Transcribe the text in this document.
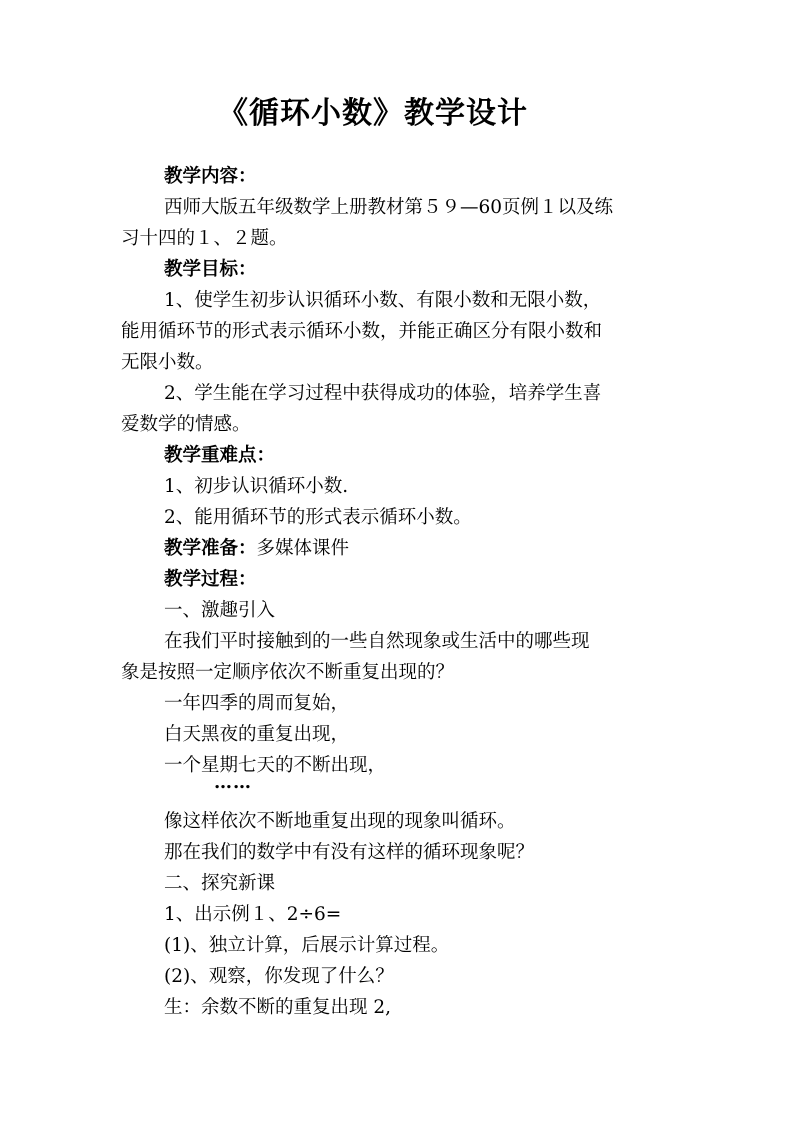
《循环小数》教学设计
教学内容：
西师大版五年级数学上册教材第５９—60页例１以及练
习十四的１、２题。
教学目标：
1、使学生初步认识循环小数、有限小数和无限小数，
能用循环节的形式表示循环小数，并能正确区分有限小数和
无限小数。
2、学生能在学习过程中获得成功的体验，培养学生喜
爱数学的情感。
教学重难点：
1、初步认识循环小数.
2、能用循环节的形式表示循环小数。
教学准备：多媒体课件
教学过程：
一、激趣引入
在我们平时接触到的一些自然现象或生活中的哪些现
象是按照一定顺序依次不断重复出现的？
一年四季的周而复始，
白天黑夜的重复出现，
一个星期七天的不断出现，
……
像这样依次不断地重复出现的现象叫循环。
那在我们的数学中有没有这样的循环现象呢？
二、探究新课
1、出示例１、2÷6=
(1)、独立计算，后展示计算过程。
(2)、观察，你发现了什么？
生：余数不断的重复出现 2,
